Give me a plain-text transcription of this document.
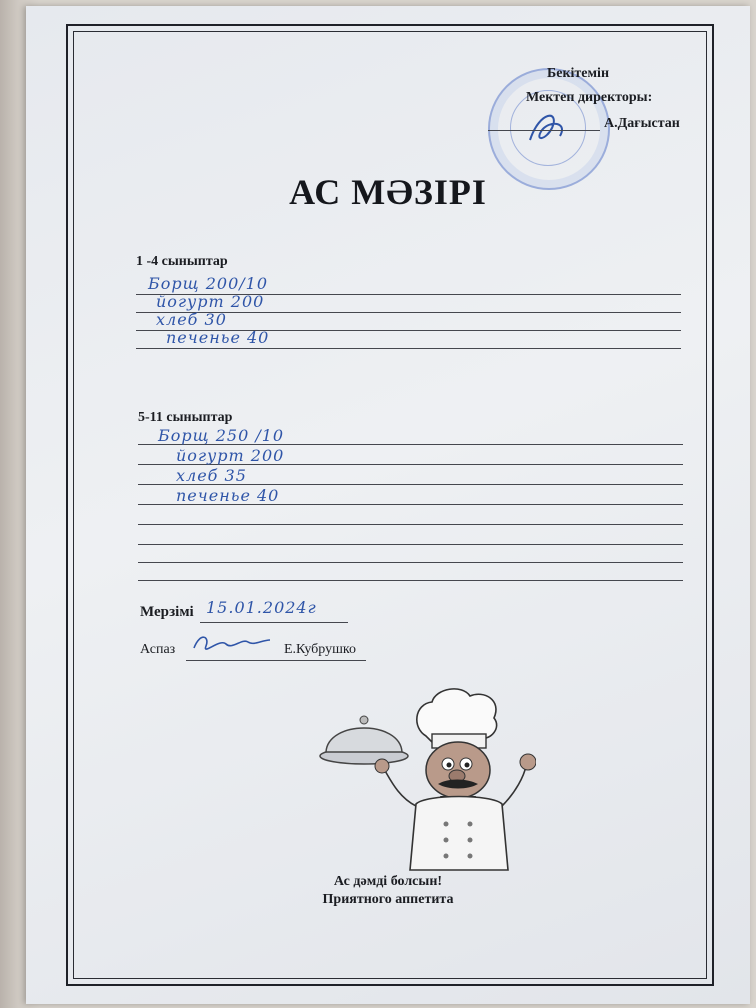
Бекітемін
Мектеп директоры:
А.Дағыстан
АС МӘЗІРІ
1 -4 сыныптар
Борщ 200/10
йогурт 200
хлеб 30
печенье 40
5-11 сыныптар
Борщ 250 /10
йогурт 200
хлеб 35
печенье 40
Мерзімі 15.01.2024г
Аспаз	Е.Кубрушко
Ас дәмді болсын!
Приятного аппетита
